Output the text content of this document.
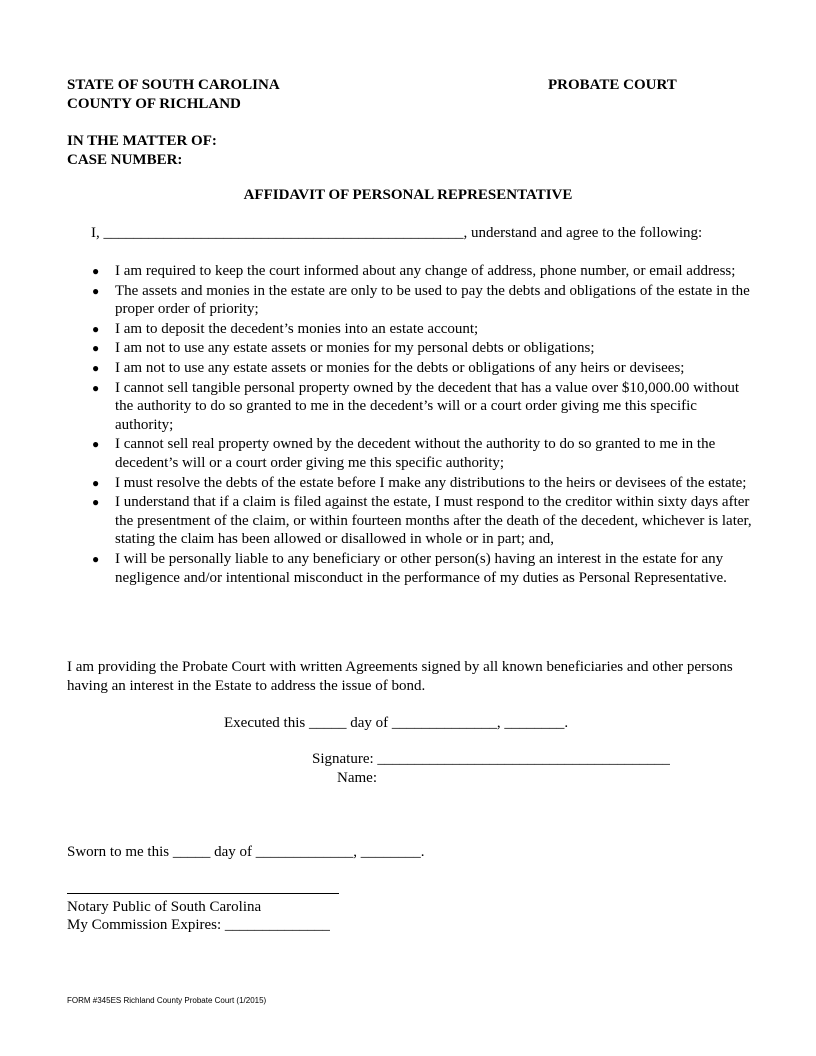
STATE OF SOUTH CAROLINA
COUNTY OF RICHLAND
PROBATE COURT
IN THE MATTER OF:
CASE NUMBER:
AFFIDAVIT OF PERSONAL REPRESENTATIVE
I, ________________________________________________, understand and agree to the following:
● I am required to keep the court informed about any change of address, phone number, or email address;
● The assets and monies in the estate are only to be used to pay the debts and obligations of the estate in the proper order of priority;
● I am to deposit the decedent’s monies into an estate account;
● I am not to use any estate assets or monies for my personal debts or obligations;
● I am not to use any estate assets or monies for the debts or obligations of any heirs or devisees;
● I cannot sell tangible personal property owned by the decedent that has a value over $10,000.00 without the authority to do so granted to me in the decedent’s will or a court order giving me this specific authority;
● I cannot sell real property owned by the decedent without the authority to do so granted to me in the decedent’s will or a court order giving me this specific authority;
● I must resolve the debts of the estate before I make any distributions to the heirs or devisees of the estate;
● I understand that if a claim is filed against the estate, I must respond to the creditor within sixty days after the presentment of the claim, or within fourteen months after the death of the decedent, whichever is later, stating the claim has been allowed or disallowed in whole or in part; and,
● I will be personally liable to any beneficiary or other person(s) having an interest in the estate for any negligence and/or intentional misconduct in the performance of my duties as Personal Representative.
I am providing the Probate Court with written Agreements signed by all known beneficiaries and other persons having an interest in the Estate to address the issue of bond.
Executed this _____ day of ______________, ________.
Signature: _______________________________________
Name:
Sworn to me this _____ day of _____________, ________.
Notary Public of South Carolina
My Commission Expires: ______________
FORM #345ES Richland County Probate Court (1/2015)
